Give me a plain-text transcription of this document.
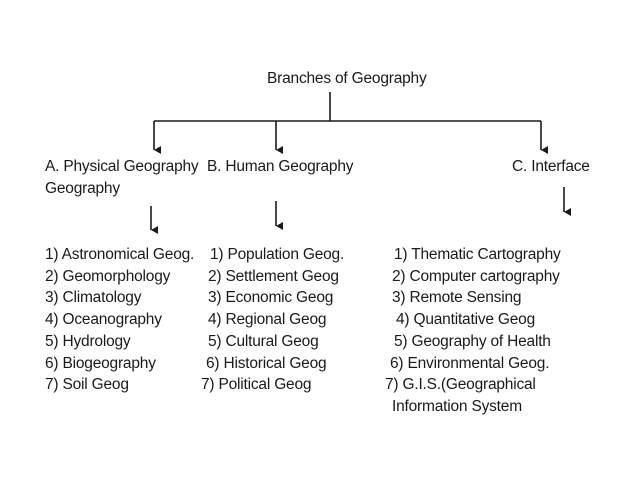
Branches of Geography
A. Physical Geography
Geography
B. Human Geography	C. Interface
1) Astronomical Geog.
2) Geomorphology
3) Climatology
4) Oceanography
5) Hydrology
6) Biogeography
7) Soil Geog
1) Population Geog.
2) Settlement Geog
3) Economic Geog
4) Regional Geog
5) Cultural Geog
6) Historical Geog
7) Political Geog
1) Thematic Cartography
2) Computer cartography
3) Remote Sensing
4) Quantitative Geog
5) Geography of Health
6) Environmental Geog.
7) G.I.S.(Geographical
Information System
